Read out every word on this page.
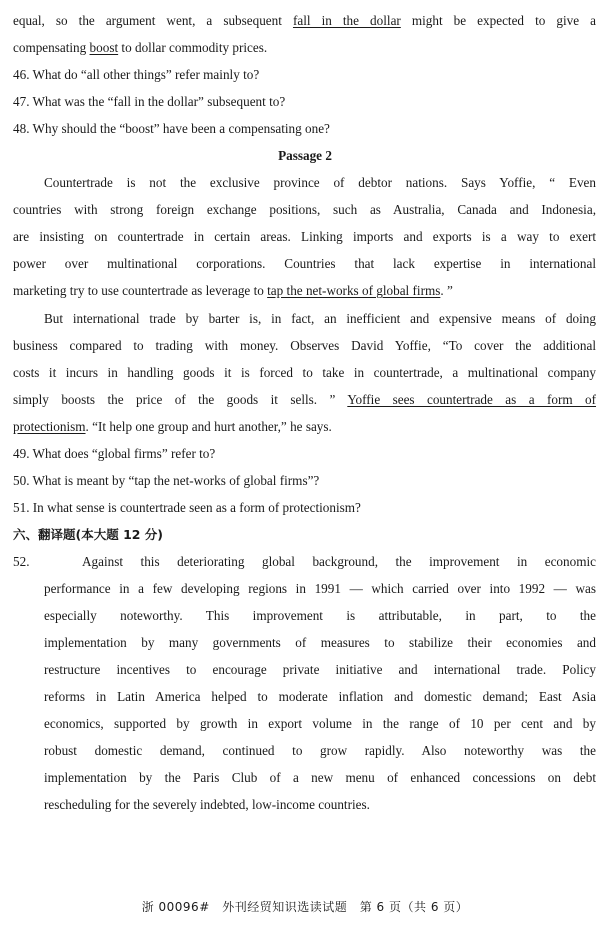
equal, so the argument went, a subsequent fall in the dollar might be expected to give a
compensating boost to dollar commodity prices.
46. What do “all other things” refer mainly to?
47. What was the “fall in the dollar” subsequent to?
48. Why should the “boost” have been a compensating one?
Passage 2
Countertrade is not the exclusive province of debtor nations. Says Yoffie, “ Even
countries with strong foreign exchange positions, such as Australia, Canada and Indonesia,
are insisting on countertrade in certain areas. Linking imports and exports is a way to exert
power over multinational corporations. Countries that lack expertise in international
marketing try to use countertrade as leverage to tap the net-works of global firms. ”
But international trade by barter is, in fact, an inefficient and expensive means of doing
business compared to trading with money. Observes David Yoffie, “To cover the additional
costs it incurs in handling goods it is forced to take in countertrade, a multinational company
simply boosts the price of the goods it sells. ” Yoffie sees countertrade as a form of
protectionism. “It help one group and hurt another,” he says.
49. What does “global firms” refer to?
50. What is meant by “tap the net-works of global firms”?
51. In what sense is countertrade seen as a form of protectionism?
六、翻译题(本大题 12 分)
52.	Against this deteriorating global background, the improvement in economic
performance in a few developing regions in 1991 — which carried over into 1992 — was
especially noteworthy. This improvement is attributable, in part, to the
implementation by many governments of measures to stabilize their economies and
restructure incentives to encourage private initiative and international trade. Policy
reforms in Latin America helped to moderate inflation and domestic demand; East Asia
economics, supported by growth in export volume in the range of 10 per cent and by
robust domestic demand, continued to grow rapidly. Also noteworthy was the
implementation by the Paris Club of a new menu of enhanced concessions on debt
rescheduling for the severely indebted, low-income countries.
浙 00096#　外刊经贸知识选读试题　第 6 页（共 6 页）
